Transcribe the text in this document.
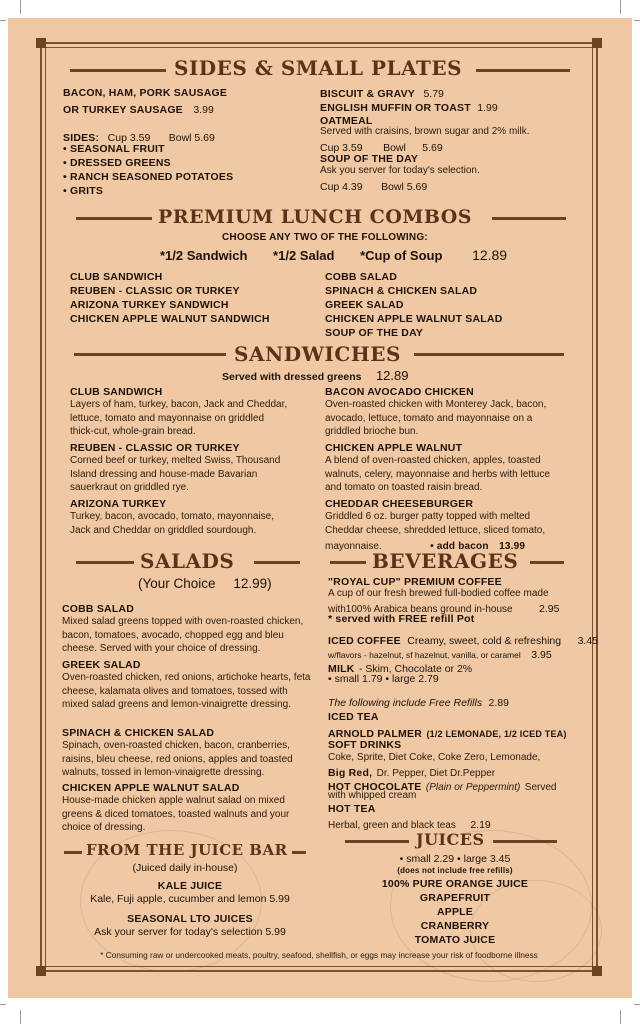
SIDES & SMALL PLATES
BACON, HAM, PORK SAUSAGE
OR TURKEY SAUSAGE 3.99
SIDES: Cup 3.59 Bowl 5.69
• SEASONAL FRUIT
• DRESSED GREENS
• RANCH SEASONED POTATOES
• GRITS
BISCUIT & GRAVY 5.79
ENGLISH MUFFIN OR TOAST 1.99
OATMEAL
Served with craisins, brown sugar and 2% milk.
Cup 3.59 Bowl 5.69
SOUP OF THE DAY
Ask you server for today's selection.
Cup 4.39 Bowl 5.69
PREMIUM LUNCH COMBOS
CHOOSE ANY TWO OF THE FOLLOWING:
*1/2 Sandwich *1/2 Salad *Cup of Soup 12.89
CLUB SANDWICH
REUBEN - CLASSIC OR TURKEY
ARIZONA TURKEY SANDWICH
CHICKEN APPLE WALNUT SANDWICH
COBB SALAD
SPINACH & CHICKEN SALAD
GREEK SALAD
CHICKEN APPLE WALNUT SALAD
SOUP OF THE DAY
SANDWICHES
Served with dressed greens 12.89
CLUB SANDWICH
Layers of ham, turkey, bacon, Jack and Cheddar, lettuce, tomato and mayonnaise on griddled thick-cut, whole-grain bread.
REUBEN - CLASSIC OR TURKEY
Corned beef or turkey, melted Swiss, Thousand Island dressing and house-made Bavarian sauerkraut on griddled rye.
ARIZONA TURKEY
Turkey, bacon, avocado, tomato, mayonnaise, Jack and Cheddar on griddled sourdough.
BACON AVOCADO CHICKEN
Oven-roasted chicken with Monterey Jack, bacon, avocado, lettuce, tomato and mayonnaise on a griddled brioche bun.
CHICKEN APPLE WALNUT
A blend of oven-roasted chicken, apples, toasted walnuts, celery, mayonnaise and herbs with lettuce and tomato on toasted raisin bread.
CHEDDAR CHEESEBURGER
Griddled 6 oz. burger patty topped with melted Cheddar cheese, shredded lettuce, sliced tomato,
mayonnaise.	• add bacon 13.99
SALADS
(Your Choice 12.99)
COBB SALAD
Mixed salad greens topped with oven-roasted chicken, bacon, tomatoes, avocado, chopped egg and bleu cheese. Served with your choice of dressing.
GREEK SALAD
Oven-roasted chicken, red onions, artichoke hearts, feta cheese, kalamata olives and tomatoes, tossed with mixed salad greens and lemon-vinaigrette dressing.
SPINACH & CHICKEN SALAD
Spinach, oven-roasted chicken, bacon, cranberries, raisins, bleu cheese, red onions, apples and toasted walnuts, tossed in lemon-vinaigrette dressing.
CHICKEN APPLE WALNUT SALAD
House-made chicken apple walnut salad on mixed greens & diced tomatoes, toasted walnuts and your choice of dressing.
BEVERAGES
"ROYAL CUP" PREMIUM COFFEE
A cup of our fresh brewed full-bodied coffee made
with100% Arabica beans ground in-house	2.95
* served with FREE refill Pot
ICED COFFEE Creamy, sweet, cold & refreshing 3.45
w/flavors - hazelnut, sf hazelnut, vanilla, or caramel 3.95
MILK - Skim, Chocolate or 2%
• small 1.79 • large 2.79
The following include Free Refills 2.89
ICED TEA
ARNOLD PALMER (1/2 LEMONADE, 1/2 ICED TEA)
SOFT DRINKS
Coke, Sprite, Diet Coke, Coke Zero, Lemonade,
Big Red, Dr. Pepper, Diet Dr.Pepper
HOT CHOCOLATE (Plain or Peppermint) Served
with whipped cream
HOT TEA
Herbal, green and black teas 2.19
FROM THE JUICE BAR
(Juiced daily in-house)
KALE JUICE
Kale, Fuji apple, cucumber and lemon 5.99
SEASONAL LTO JUICES
Ask your server for today's selection 5.99
JUICES
• small 2.29 • large 3.45
(does not include free refills)
100% PURE ORANGE JUICE
GRAPEFRUIT
APPLE
CRANBERRY
TOMATO JUICE
* Consuming raw or undercooked meats, poultry, seafood, shellfish, or eggs may increase your risk of foodborne illness
